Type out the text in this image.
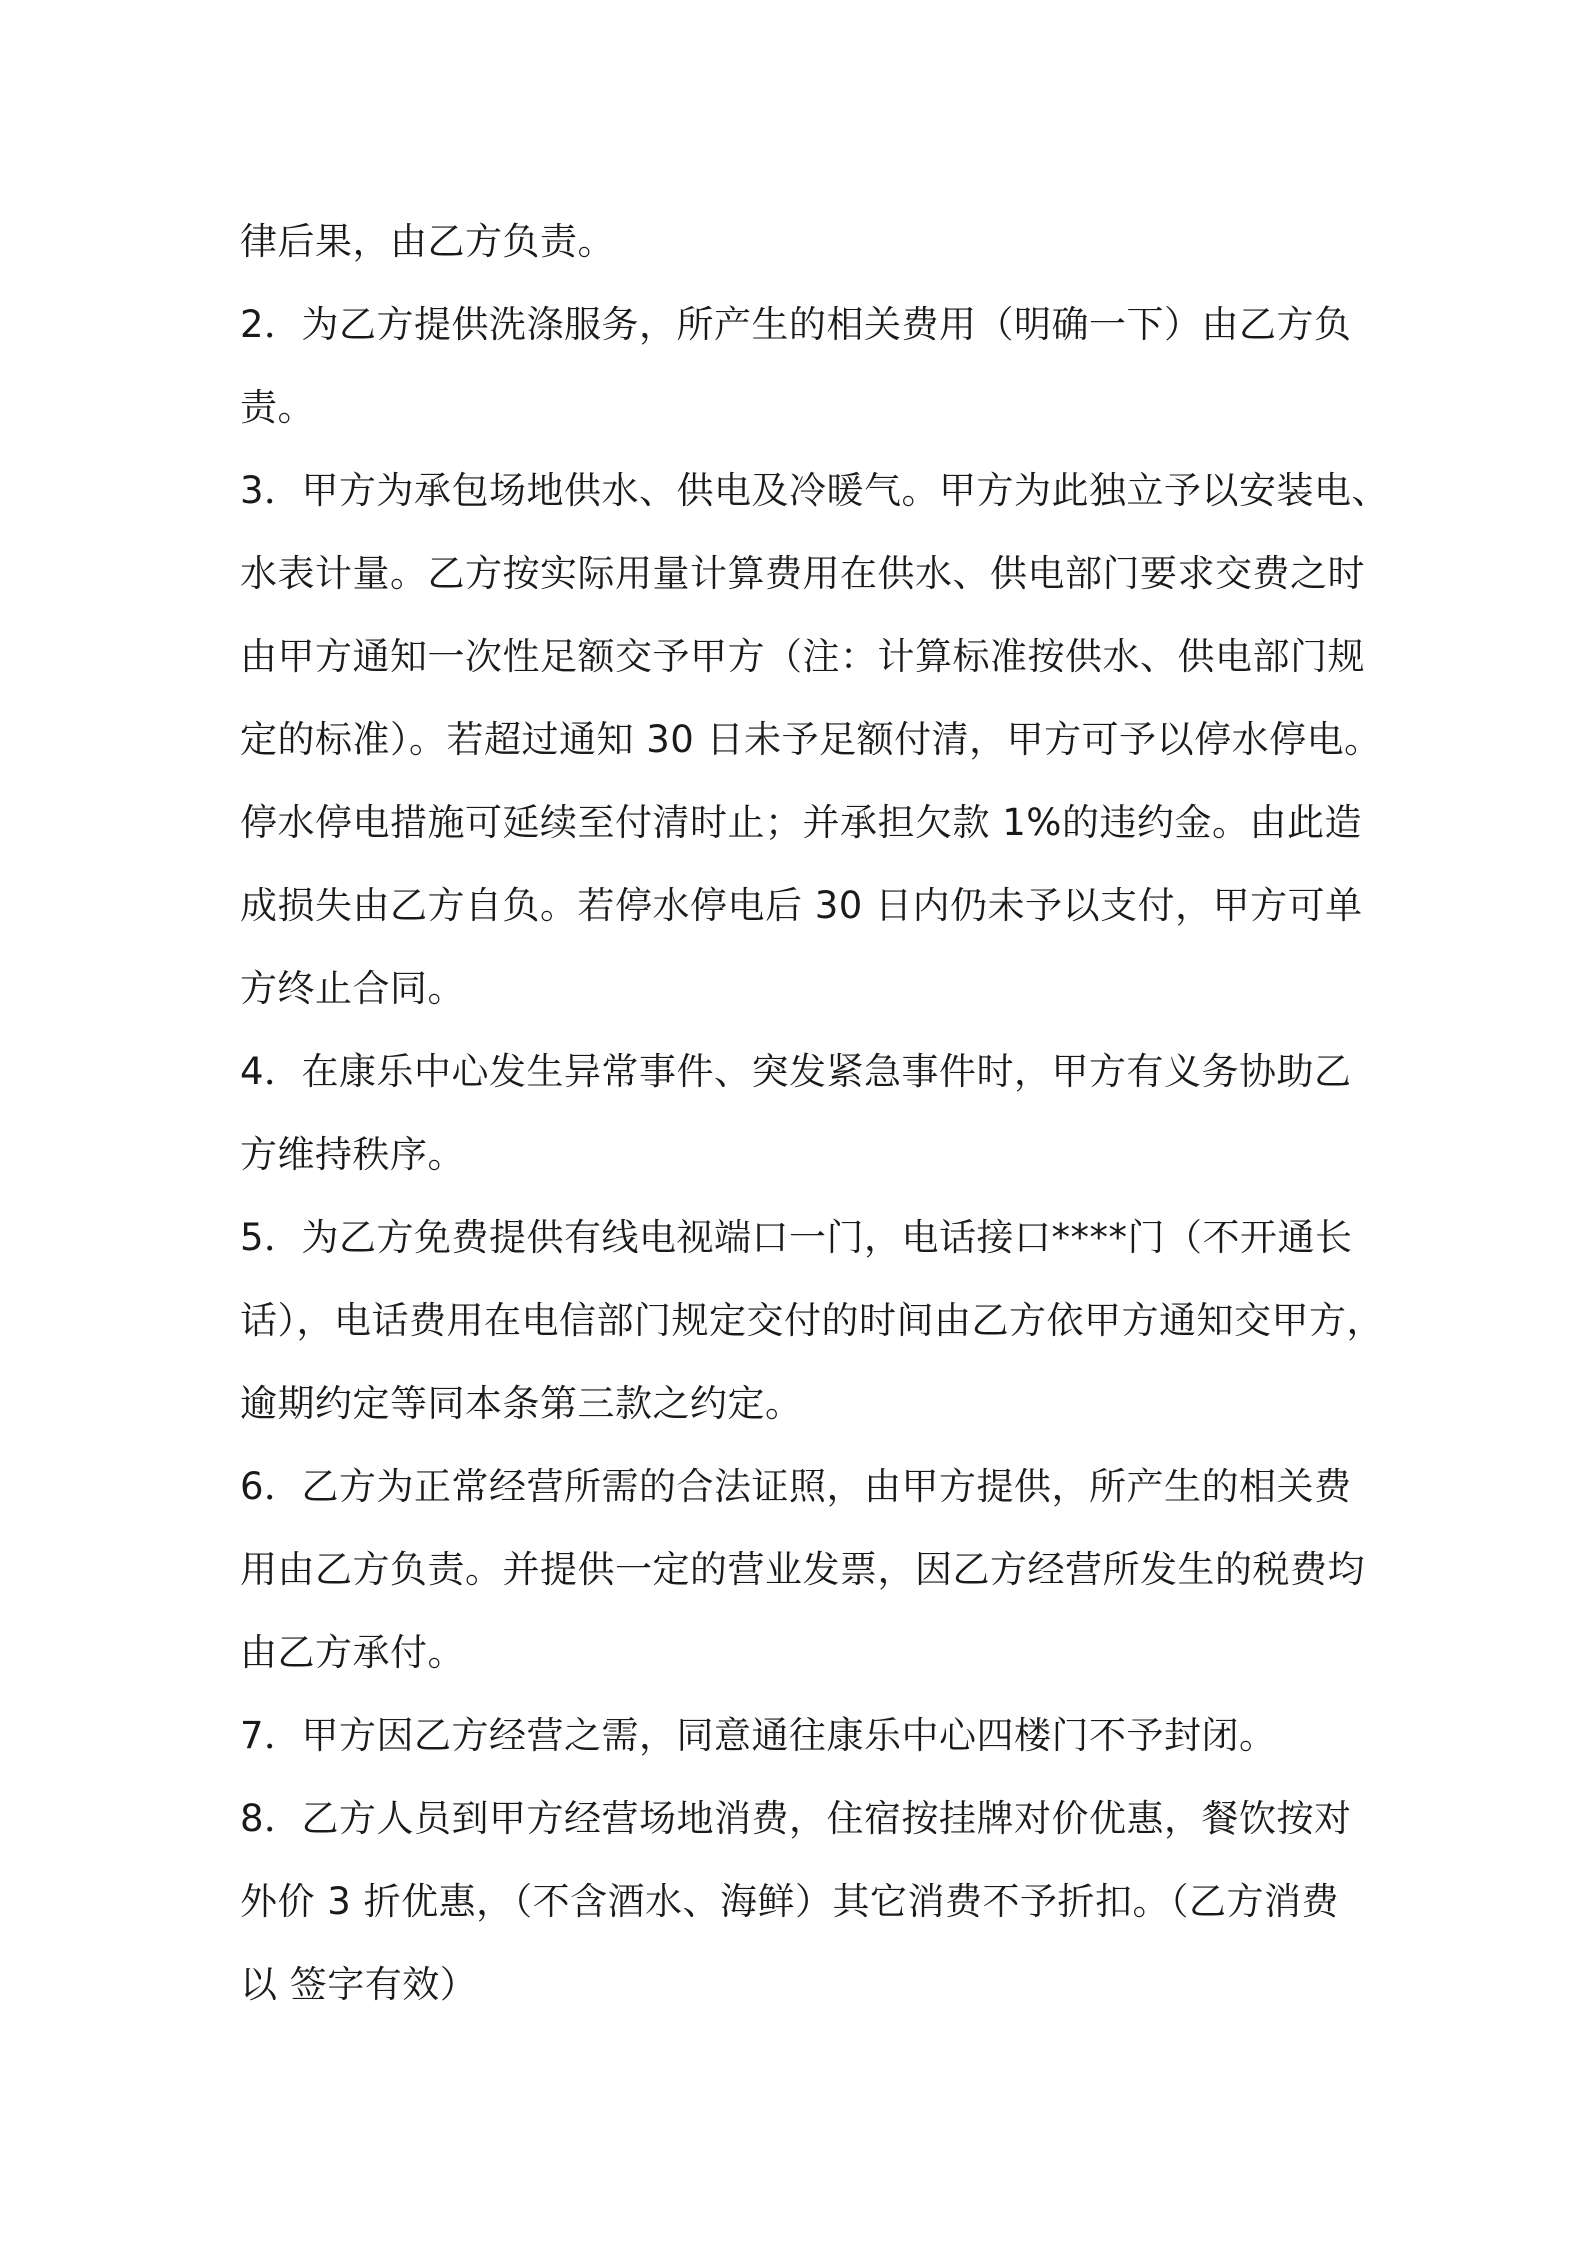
律后果，由乙方负责。
2．为乙方提供洗涤服务，所产生的相关费用（明确一下）由乙方负
责。
3．甲方为承包场地供水、供电及冷暖气。甲方为此独立予以安装电、
水表计量。乙方按实际用量计算费用在供水、供电部门要求交费之时
由甲方通知一次性足额交予甲方（注：计算标准按供水、供电部门规
定的标准）。若超过通知 30 日未予足额付清，甲方可予以停水停电。
停水停电措施可延续至付清时止；并承担欠款 1%的违约金。由此造
成损失由乙方自负。若停水停电后 30 日内仍未予以支付，甲方可单
方终止合同。
4．在康乐中心发生异常事件、突发紧急事件时，甲方有义务协助乙
方维持秩序。
5．为乙方免费提供有线电视端口一门，电话接口****门（不开通长
话），电话费用在电信部门规定交付的时间由乙方依甲方通知交甲方，
逾期约定等同本条第三款之约定。
6．乙方为正常经营所需的合法证照，由甲方提供，所产生的相关费
用由乙方负责。并提供一定的营业发票，因乙方经营所发生的税费均
由乙方承付。
7．甲方因乙方经营之需，同意通往康乐中心四楼门不予封闭。
8．乙方人员到甲方经营场地消费，住宿按挂牌对价优惠，餐饮按对
外价 3 折优惠，（不含酒水、海鲜）其它消费不予折扣。（乙方消费
以 签字有效）
